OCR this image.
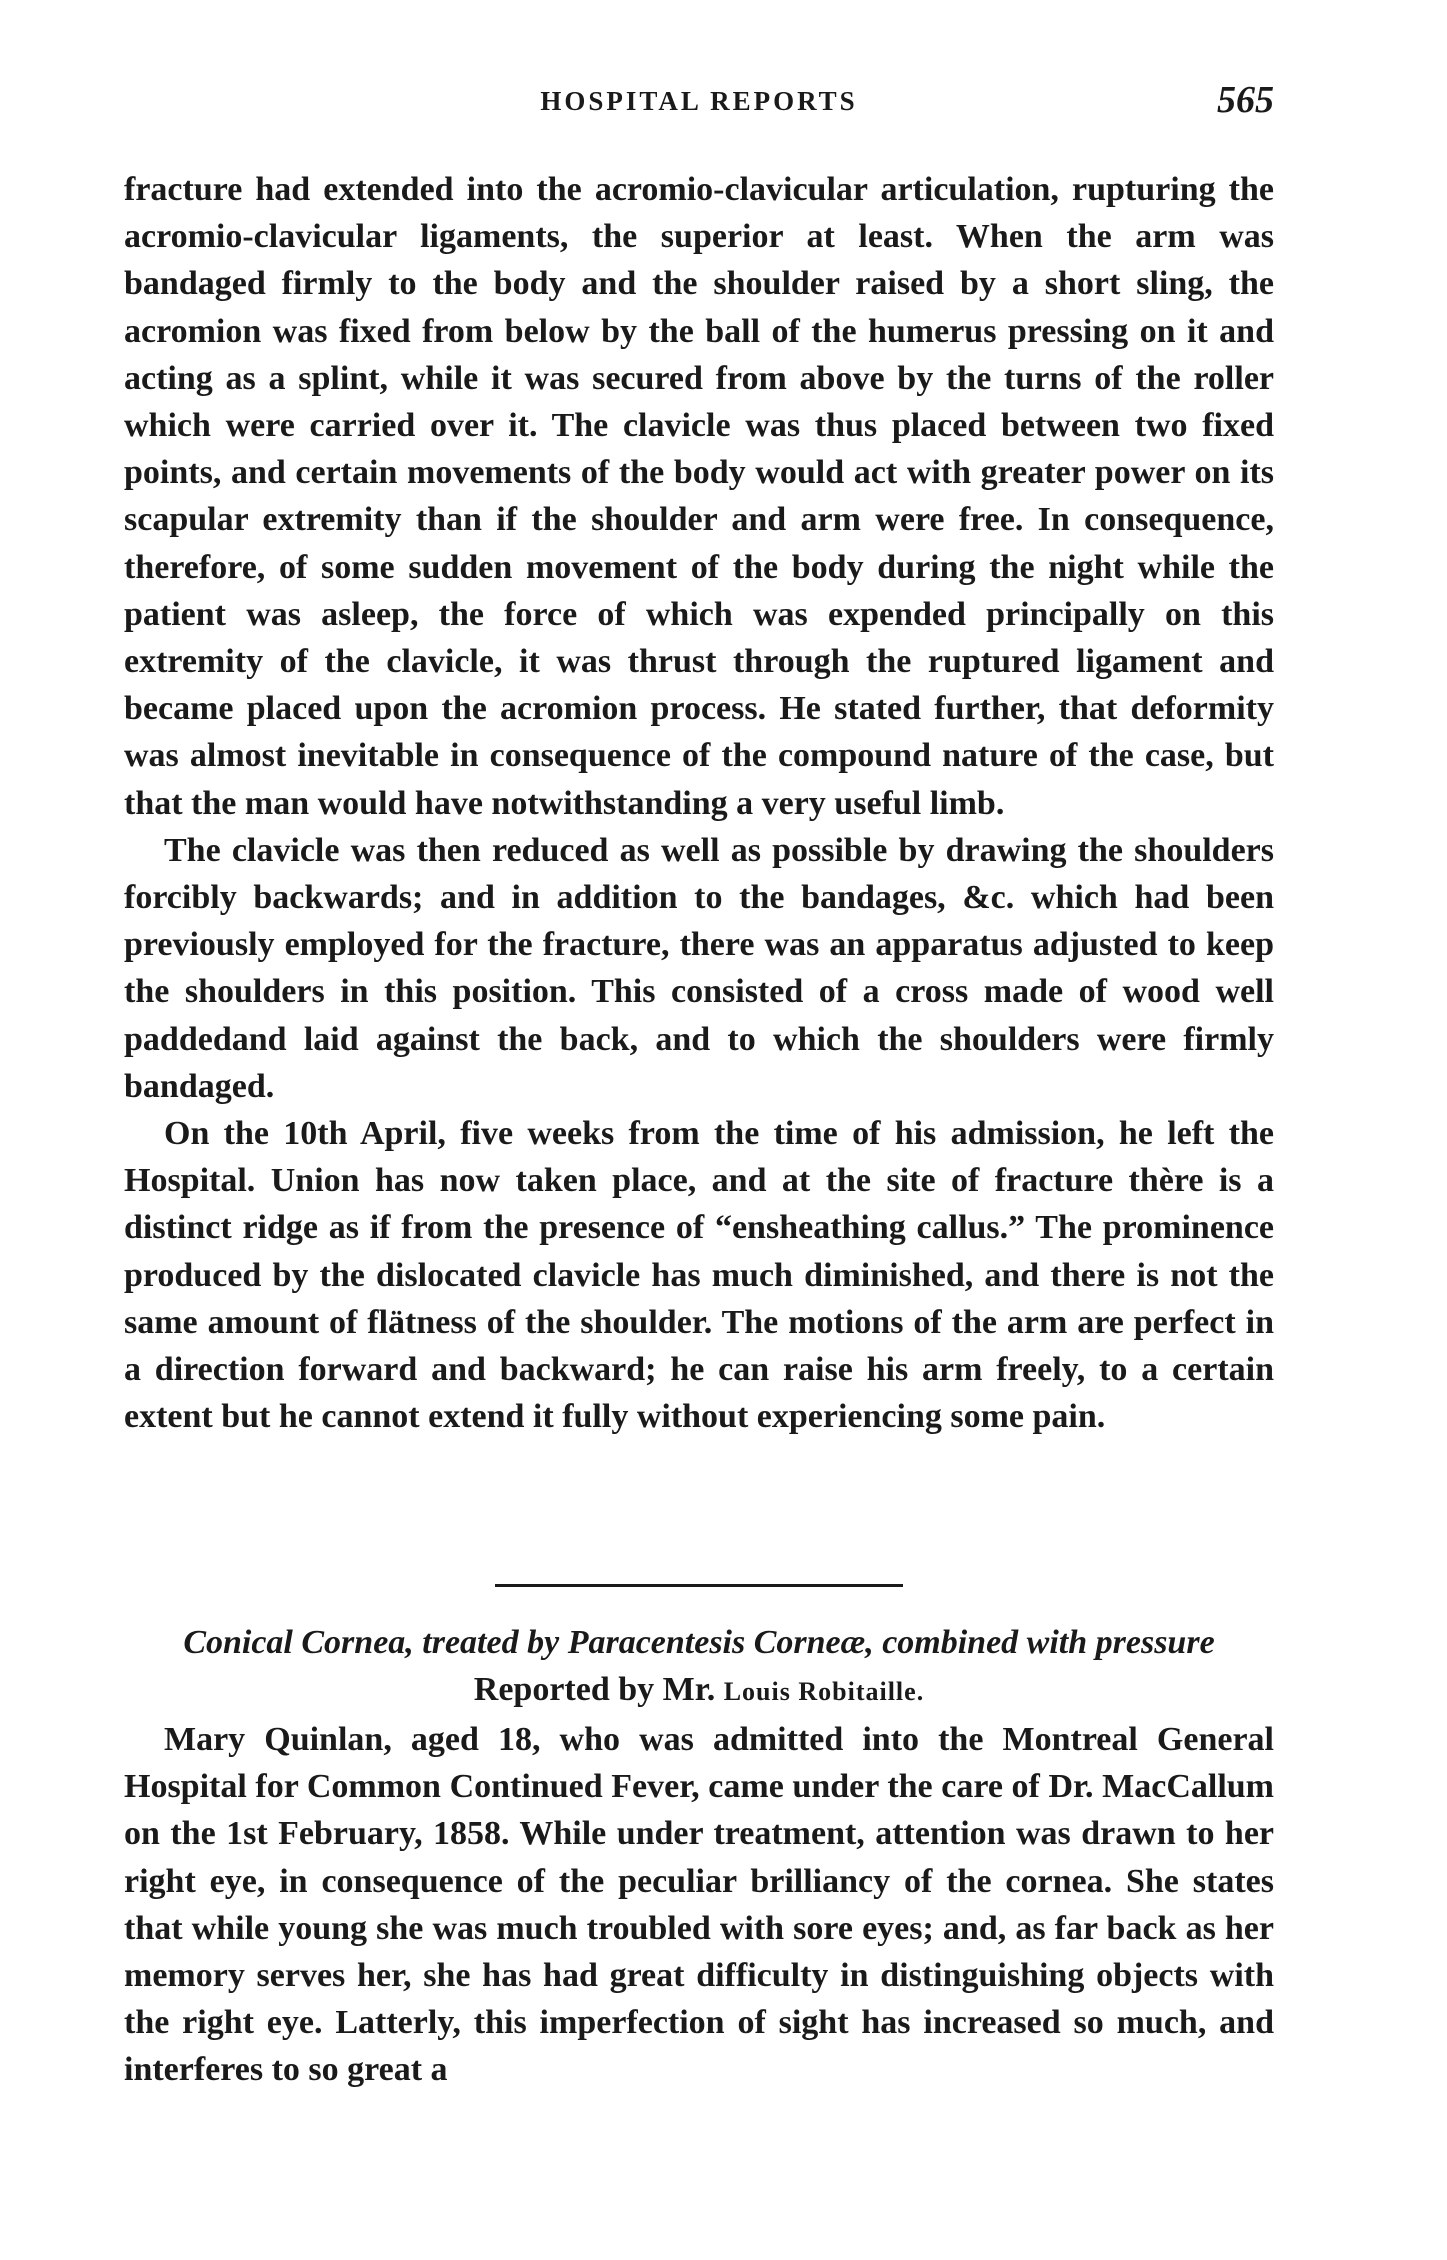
HOSPITAL REPORTS	565

fracture had extended into the acromio-clavicular articulation, rupturing the acromio-clavicular ligaments, the superior at least. When the arm was bandaged firmly to the body and the shoulder raised by a short sling, the acromion was fixed from below by the ball of the humerus pressing on it and acting as a splint, while it was secured from above by the turns of the roller which were carried over it. The clavicle was thus placed between two fixed points, and certain movements of the body would act with greater power on its scapular extremity than if the shoulder and arm were free. In consequence, therefore, of some sudden movement of the body during the night while the patient was asleep, the force of which was expended principally on this extremity of the clavicle, it was thrust through the ruptured ligament and became placed upon the acromion process. He stated further, that deformity was almost inevitable in consequence of the compound nature of the case, but that the man would have notwithstanding a very useful limb.

The clavicle was then reduced as well as possible by drawing the shoulders forcibly backwards; and in addition to the bandages, &c. which had been previously employed for the fracture, there was an apparatus adjusted to keep the shoulders in this position. This consisted of a cross made of wood well paddedand laid against the back, and to which the shoulders were firmly bandaged.

On the 10th April, five weeks from the time of his admission, he left the Hospital. Union has now taken place, and at the site of fracture thère is a distinct ridge as if from the presence of “ensheathing callus.” The prominence produced by the dislocated clavicle has much diminished, and there is not the same amount of flätness of the shoulder. The motions of the arm are perfect in a direction forward and backward; he can raise his arm freely, to a certain extent but he cannot extend it fully without experiencing some pain.

Conical Cornea, treated by Paracentesis Corneæ, combined with pressure
Reported by Mr. Louis Robitaille.

Mary Quinlan, aged 18, who was admitted into the Montreal General Hospital for Common Continued Fever, came under the care of Dr. MacCallum on the 1st February, 1858. While under treatment, attention was drawn to her right eye, in consequence of the peculiar brilliancy of the cornea. She states that while young she was much troubled with sore eyes; and, as far back as her memory serves her, she has had great difficulty in distinguishing objects with the right eye. Latterly, this imperfection of sight has increased so much, and interferes to so great a
